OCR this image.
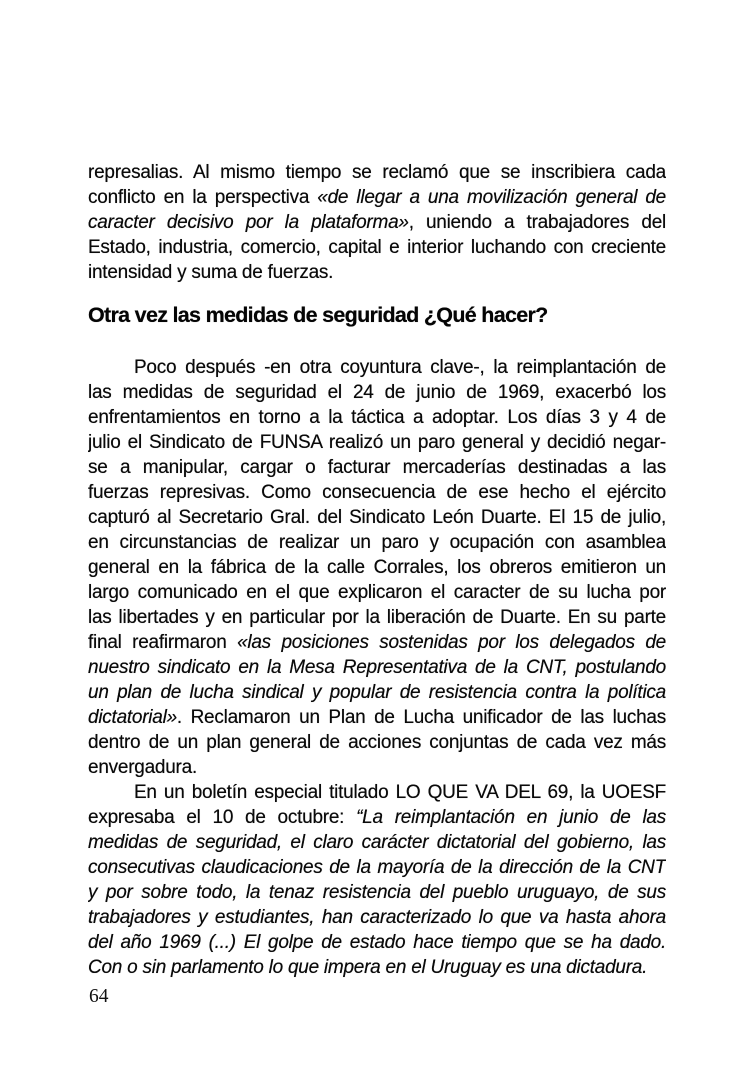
represalias. Al mismo tiempo se reclamó que se inscribiera cada
conflicto en la perspectiva «de llegar a una movilización general de
caracter decisivo por la plataforma», uniendo a trabajadores del
Estado, industria, comercio, capital e interior luchando con creciente
intensidad y suma de fuerzas.

Otra vez las medidas de seguridad ¿Qué hacer?

Poco después -en otra coyuntura clave-, la reimplantación de
las medidas de seguridad el 24 de junio de 1969, exacerbó los
enfrentamientos en torno a la táctica a adoptar. Los días 3 y 4 de
julio el Sindicato de FUNSA realizó un paro general y decidió negar-
se a manipular, cargar o facturar mercaderías destinadas a las
fuerzas represivas. Como consecuencia de ese hecho el ejército
capturó al Secretario Gral. del Sindicato León Duarte. El 15 de julio,
en circunstancias de realizar un paro y ocupación con asamblea
general en la fábrica de la calle Corrales, los obreros emitieron un
largo comunicado en el que explicaron el caracter de su lucha por
las libertades y en particular por la liberación de Duarte. En su parte
final reafirmaron «las posiciones sostenidas por los delegados de
nuestro sindicato en la Mesa Representativa de la CNT, postulando
un plan de lucha sindical y popular de resistencia contra la política
dictatorial». Reclamaron un Plan de Lucha unificador de las luchas
dentro de un plan general de acciones conjuntas de cada vez más
envergadura.

En un boletín especial titulado LO QUE VA DEL 69, la UOESF
expresaba el 10 de octubre: “La reimplantación en junio de las
medidas de seguridad, el claro carácter dictatorial del gobierno, las
consecutivas claudicaciones de la mayoría de la dirección de la CNT
y por sobre todo, la tenaz resistencia del pueblo uruguayo, de sus
trabajadores y estudiantes, han caracterizado lo que va hasta ahora
del año 1969 (...) El golpe de estado hace tiempo que se ha dado.
Con o sin parlamento lo que impera en el Uruguay es una dictadura.

64
